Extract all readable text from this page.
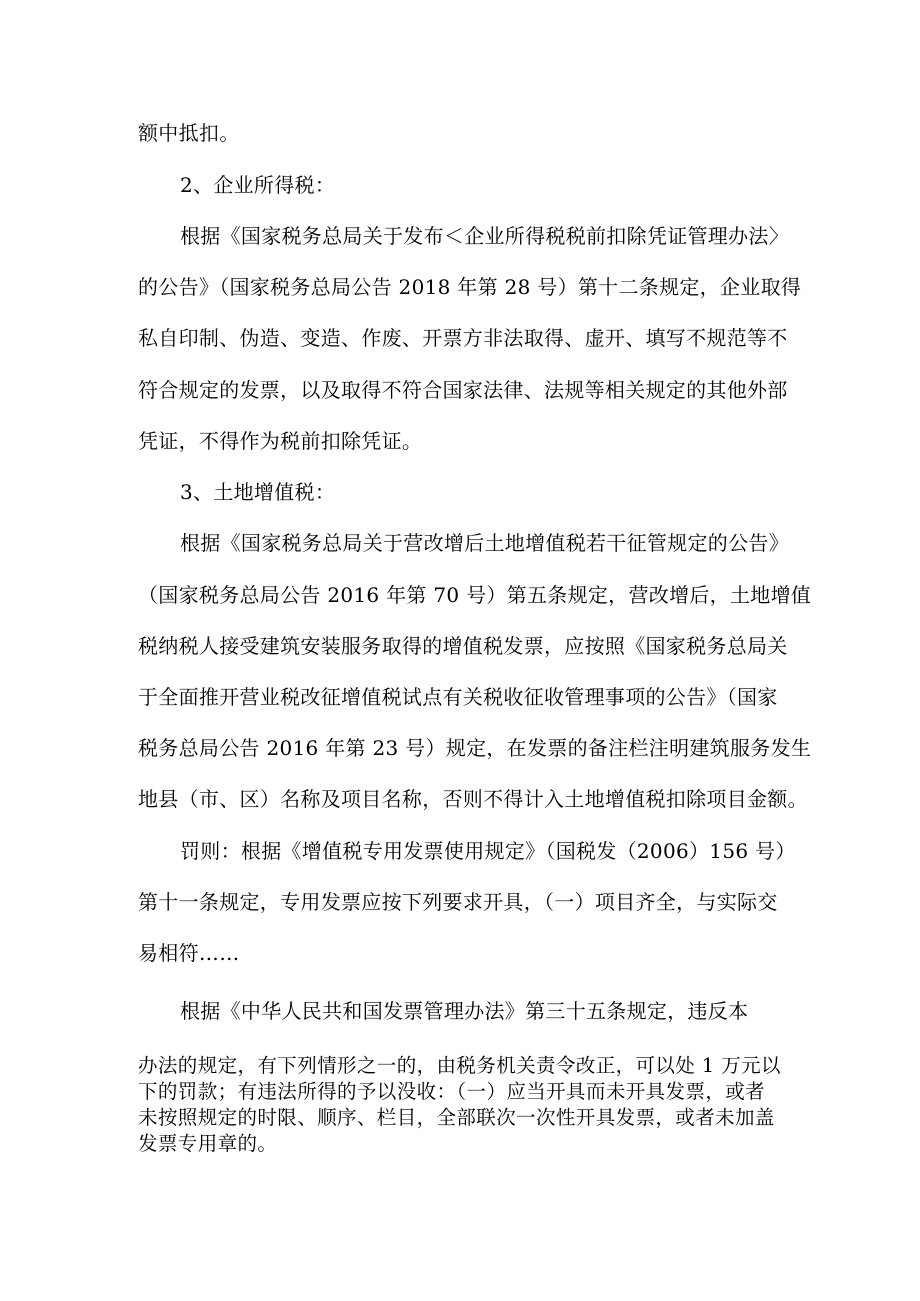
额中抵扣。
2、企业所得税：
根据《国家税务总局关于发布＜企业所得税税前扣除凭证管理办法〉
的公告》（国家税务总局公告 2018 年第 28 号）第十二条规定，企业取得
私自印制、伪造、变造、作废、开票方非法取得、虚开、填写不规范等不
符合规定的发票，以及取得不符合国家法律、法规等相关规定的其他外部
凭证，不得作为税前扣除凭证。
3、土地增值税：
根据《国家税务总局关于营改增后土地增值税若干征管规定的公告》
（国家税务总局公告 2016 年第 70 号）第五条规定，营改增后，土地增值
税纳税人接受建筑安装服务取得的增值税发票，应按照《国家税务总局关
于全面推开营业税改征增值税试点有关税收征收管理事项的公告》（国家
税务总局公告 2016 年第 23 号）规定，在发票的备注栏注明建筑服务发生
地县（市、区）名称及项目名称，否则不得计入土地增值税扣除项目金额。
罚则：根据《增值税专用发票使用规定》（国税发（2006）156 号）
第十一条规定，专用发票应按下列要求开具，（一）项目齐全，与实际交
易相符……
根据《中华人民共和国发票管理办法》第三十五条规定，违反本
办法的规定，有下列情形之一的，由税务机关责令改正，可以处 1 万元以
下的罚款；有违法所得的予以没收：（一）应当开具而未开具发票，或者
未按照规定的时限、顺序、栏目，全部联次一次性开具发票，或者未加盖
发票专用章的。
